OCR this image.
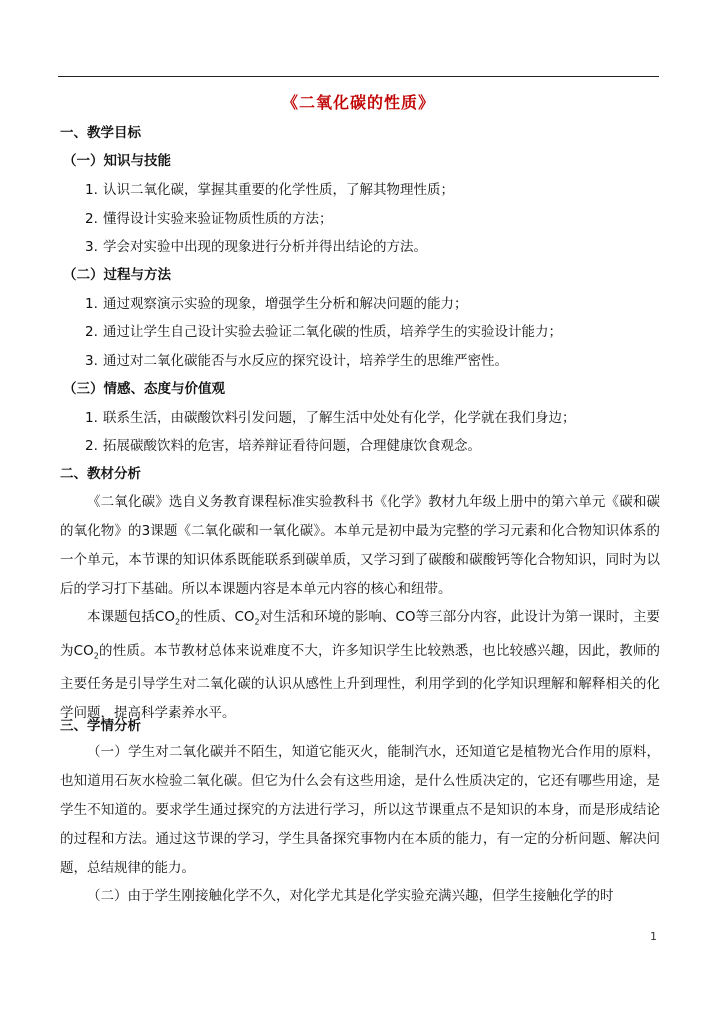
《二氧化碳的性质》
一、教学目标
（一）知识与技能
1. 认识二氧化碳，掌握其重要的化学性质，了解其物理性质；
2. 懂得设计实验来验证物质性质的方法；
3. 学会对实验中出现的现象进行分析并得出结论的方法。
（二）过程与方法
1. 通过观察演示实验的现象，增强学生分析和解决问题的能力；
2. 通过让学生自己设计实验去验证二氧化碳的性质，培养学生的实验设计能力；
3. 通过对二氧化碳能否与水反应的探究设计，培养学生的思维严密性。
（三）情感、态度与价值观
1. 联系生活，由碳酸饮料引发问题，了解生活中处处有化学，化学就在我们身边；
2. 拓展碳酸饮料的危害，培养辩证看待问题，合理健康饮食观念。
二、教材分析

《二氧化碳》选自义务教育课程标准实验教科书《化学》教材九年级上册中的第六单元《碳和碳的氧化物》的3课题《二氧化碳和一氧化碳》。本单元是初中最为完整的学习元素和化合物知识体系的一个单元，本节课的知识体系既能联系到碳单质，又学习到了碳酸和碳酸钙等化合物知识，同时为以后的学习打下基础。所以本课题内容是本单元内容的核心和纽带。

本课题包括$CO_2$的性质、$CO_2$对生活和环境的影响、CO等三部分内容，此设计为第一课时，主要为$CO_2$的性质。本节教材总体来说难度不大，许多知识学生比较熟悉，也比较感兴趣，因此，教师的主要任务是引导学生对二氧化碳的认识从感性上升到理性，利用学到的化学知识理解和解释相关的化学问题，提高科学素养水平。

三、学情分析

（一）学生对二氧化碳并不陌生，知道它能灭火，能制汽水，还知道它是植物光合作用的原料，也知道用石灰水检验二氧化碳。但它为什么会有这些用途，是什么性质决定的，它还有哪些用途，是学生不知道的。要求学生通过探究的方法进行学习，所以这节课重点不是知识的本身，而是形成结论的过程和方法。通过这节课的学习，学生具备探究事物内在本质的能力，有一定的分析问题、解决问题，总结规律的能力。

（二）由于学生刚接触化学不久，对化学尤其是化学实验充满兴趣，但学生接触化学的时

1
